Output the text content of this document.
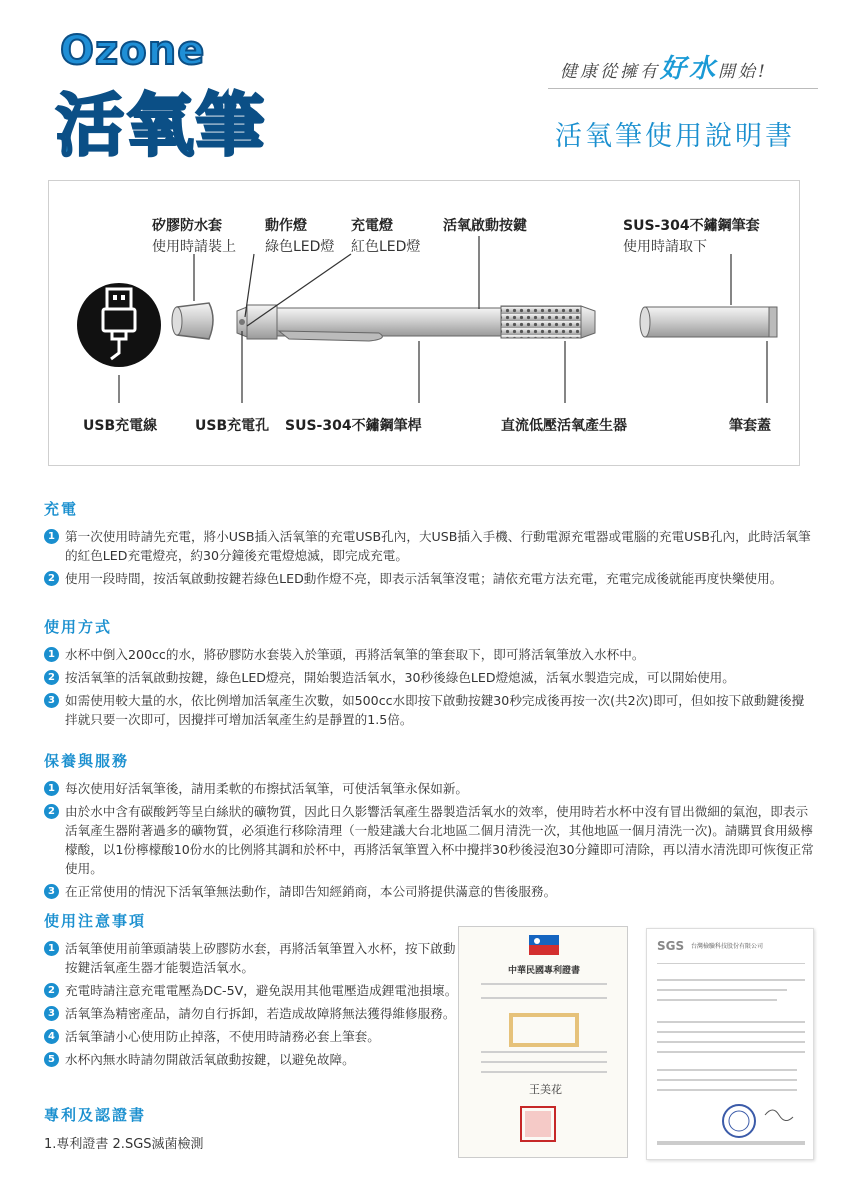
Ozone
活氧筆
健康從擁有好水開始!
活氧筆使用說明書
矽膠防水套
使用時請裝上
動作燈
綠色LED燈
充電燈
紅色LED燈
活氧啟動按鍵	SUS-304不鏽鋼筆套
使用時請取下
USB充電線	USB充電孔 SUS-304不鏽鋼筆桿	直流低壓活氧產生器	筆套蓋
充電
1 第一次使用時請先充電，將小USB插入活氧筆的充電USB孔內，大USB插入手機、行動電源充電器或電腦的充電USB孔內，此時活氧筆的紅色LED充電燈亮，約30分鐘後充電燈熄滅，即完成充電。
2 使用一段時間，按活氧啟動按鍵若綠色LED動作燈不亮，即表示活氧筆沒電；請依充電方法充電，充電完成後就能再度快樂使用。
使用方式
1 水杯中倒入200cc的水，將矽膠防水套裝入於筆頭，再將活氧筆的筆套取下，即可將活氧筆放入水杯中。
2 按活氧筆的活氧啟動按鍵，綠色LED燈亮，開始製造活氧水，30秒後綠色LED燈熄滅，活氧水製造完成，可以開始使用。
3 如需使用較大量的水，依比例增加活氧產生次數，如500cc水即按下啟動按鍵30秒完成後再按一次(共2次)即可，但如按下啟動鍵後攪拌就只要一次即可，因攪拌可增加活氧產生約是靜置的1.5倍。
保養與服務
1 每次使用好活氧筆後，請用柔軟的布擦拭活氧筆，可使活氧筆永保如新。
2 由於水中含有碳酸鈣等呈白絲狀的礦物質，因此日久影響活氧產生器製造活氧水的效率，使用時若水杯中沒有冒出微細的氣泡，即表示活氧產生器附著過多的礦物質，必須進行移除清理（一般建議大台北地區二個月清洗一次，其他地區一個月清洗一次)。請購買食用級檸檬酸，以1份檸檬酸10份水的比例將其調和於杯中，再將活氧筆置入杯中攪拌30秒後浸泡30分鐘即可清除，再以清水清洗即可恢復正常使用。
3 在正常使用的情況下活氧筆無法動作，請即告知經銷商，本公司將提供滿意的售後服務。
使用注意事項
1 活氧筆使用前筆頭請裝上矽膠防水套，再將活氧筆置入水杯，按下啟動按鍵活氧產生器才能製造活氧水。
2 充電時請注意充電電壓為DC-5V，避免誤用其他電壓造成鋰電池損壞。
3 活氧筆為精密產品，請勿自行拆卸，若造成故障將無法獲得維修服務。
4 活氧筆請小心使用防止掉落，不使用時請務必套上筆套。
5 水杯內無水時請勿開啟活氧啟動按鍵，以避免故障。
專利及認證書
1.專利證書 2.SGS滅菌檢測
中華民國專利證書
王美花
SGS 台灣檢驗科技股份有限公司
